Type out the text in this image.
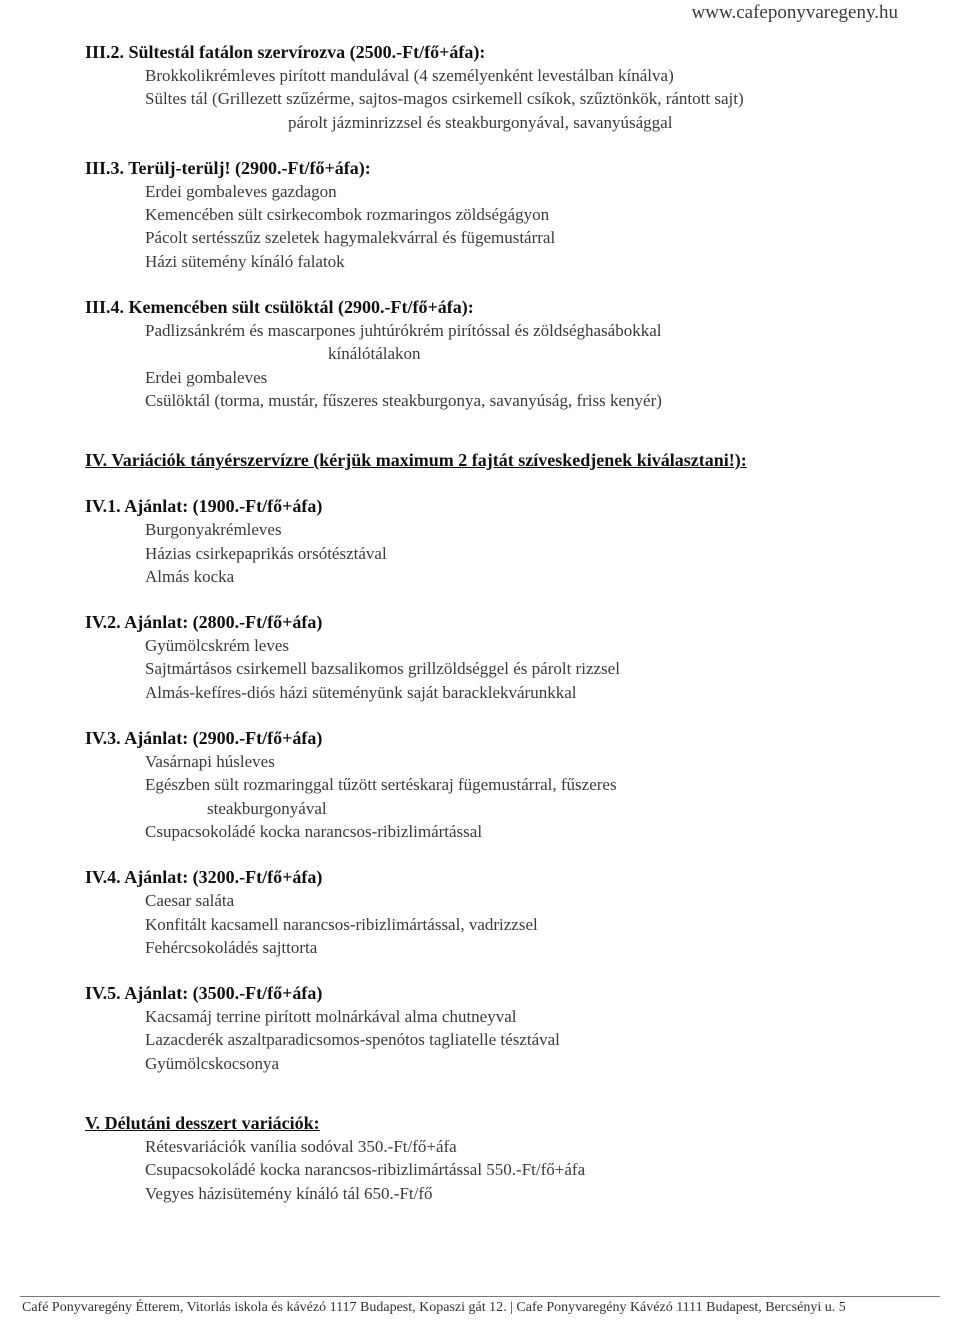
www.cafeponyvaregeny.hu

III.2. Sültestál fatálon szervírozva (2500.-Ft/fő+áfa):

Brokkolikrémleves pirított mandulával (4 személyenként levestálban kínálva)

Sültes tál (Grillezett szűzérme, sajtos-magos csirkemell csíkok, szűztönkök, rántott sajt)

párolt jázminrizzsel és steakburgonyával, savanyúsággal

III.3. Terülj-terülj! (2900.-Ft/fő+áfa):

Erdei gombaleves gazdagon

Kemencében sült csirkecombok rozmaringos zöldségágyon

Pácolt sertésszűz szeletek hagymalekvárral és fügemustárral

Házi sütemény kínáló falatok

III.4. Kemencében sült csülöktál (2900.-Ft/fő+áfa):

Padlizsánkrém és mascarpones juhtúrókrém pirítóssal és zöldséghasábokkal

kínálótálakon

Erdei gombaleves

Csülöktál (torma, mustár, fűszeres steakburgonya, savanyúság, friss kenyér)

IV. Variációk tányérszervízre (kérjük maximum 2 fajtát szíveskedjenek kiválasztani!):

IV.1. Ajánlat: (1900.-Ft/fő+áfa)

Burgonyakrémleves

Házias csirkepaprikás orsótésztával

Almás kocka

IV.2. Ajánlat: (2800.-Ft/fő+áfa)

Gyümölcskrém leves

Sajtmártásos csirkemell bazsalikomos grillzöldséggel és párolt rizzsel

Almás-kefíres-diós házi süteményünk saját baracklekvárunkkal

IV.3. Ajánlat: (2900.-Ft/fő+áfa)

Vasárnapi húsleves

Egészben sült rozmaringgal tűzött sertéskaraj fügemustárral, fűszeres

steakburgonyával

Csupacsokoládé kocka narancsos-ribizlimártással

IV.4. Ajánlat: (3200.-Ft/fő+áfa)

Caesar saláta

Konfitált kacsamell narancsos-ribizlimártással, vadrizzsel

Fehércsokoládés sajttorta

IV.5. Ajánlat: (3500.-Ft/fő+áfa)

Kacsamáj terrine pirított molnárkával alma chutneyval

Lazacderék aszaltparadicsomos-spenótos tagliatelle tésztával

Gyümölcskocsonya

V. Délutáni desszert variációk:

Rétesvariációk vanília sodóval 350.-Ft/fő+áfa

Csupacsokoládé kocka narancsos-ribizlimártással 550.-Ft/fő+áfa

Vegyes házisütemény kínáló tál 650.-Ft/fő

Café Ponyvaregény Étterem, Vitorlás iskola és kávézó 1117 Budapest, Kopaszi gát 12. | Cafe Ponyvaregény Kávézó 1111 Budapest, Bercsényi u. 5
